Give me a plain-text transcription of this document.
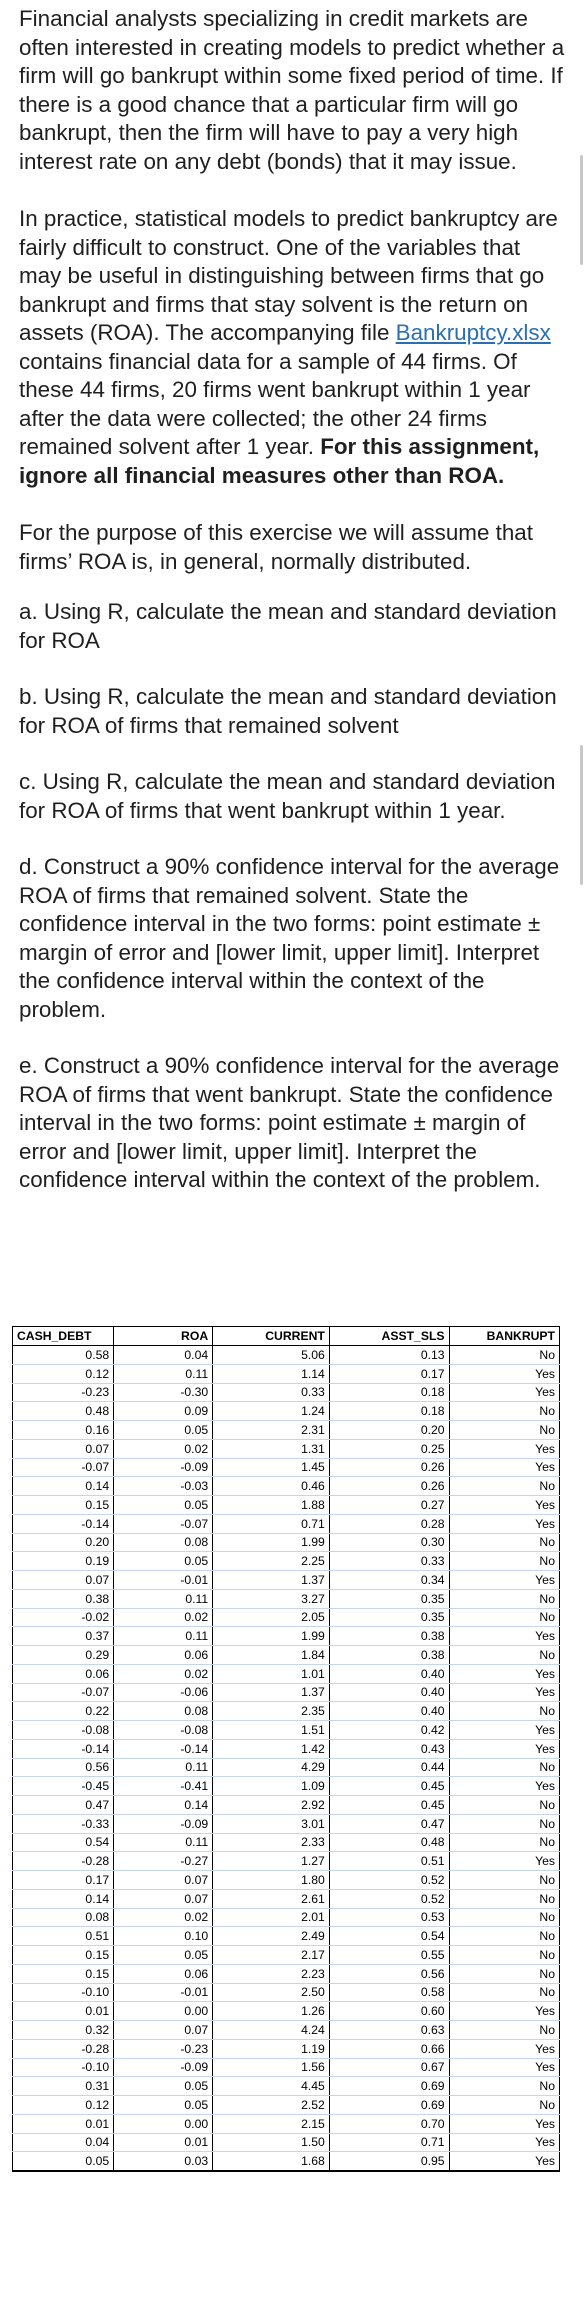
Financial analysts specializing in credit markets are often interested in creating models to predict whether a firm will go bankrupt within some fixed period of time. If there is a good chance that a particular firm will go bankrupt, then the firm will have to pay a very high interest rate on any debt (bonds) that it may issue.

In practice, statistical models to predict bankruptcy are fairly difficult to construct. One of the variables that may be useful in distinguishing between firms that go bankrupt and firms that stay solvent is the return on assets (ROA). The accompanying file Bankruptcy.xlsx contains financial data for a sample of 44 firms. Of these 44 firms, 20 firms went bankrupt within 1 year after the data were collected; the other 24 firms remained solvent after 1 year. For this assignment, ignore all financial measures other than ROA.

For the purpose of this exercise we will assume that firms’ ROA is, in general, normally distributed.

a. Using R, calculate the mean and standard deviation for ROA

b. Using R, calculate the mean and standard deviation for ROA of firms that remained solvent

c. Using R, calculate the mean and standard deviation for ROA of firms that went bankrupt within 1 year.

d. Construct a 90% confidence interval for the average ROA of firms that remained solvent. State the confidence interval in the two forms: point estimate ± margin of error and [lower limit, upper limit]. Interpret the confidence interval within the context of the problem.

e. Construct a 90% confidence interval for the average ROA of firms that went bankrupt. State the confidence interval in the two forms: point estimate ± margin of error and [lower limit, upper limit]. Interpret the confidence interval within the context of the problem.

CASH_DEBT	ROA	CURRENT	ASST_SLS	BANKRUPT
0.58	0.04	5.06	0.13	No
0.12	0.11	1.14	0.17	Yes
-0.23	-0.30	0.33	0.18	Yes
0.48	0.09	1.24	0.18	No
0.16	0.05	2.31	0.20	No
0.07	0.02	1.31	0.25	Yes
-0.07	-0.09	1.45	0.26	Yes
0.14	-0.03	0.46	0.26	No
0.15	0.05	1.88	0.27	Yes
-0.14	-0.07	0.71	0.28	Yes
0.20	0.08	1.99	0.30	No
0.19	0.05	2.25	0.33	No
0.07	-0.01	1.37	0.34	Yes
0.38	0.11	3.27	0.35	No
-0.02	0.02	2.05	0.35	No
0.37	0.11	1.99	0.38	Yes
0.29	0.06	1.84	0.38	No
0.06	0.02	1.01	0.40	Yes
-0.07	-0.06	1.37	0.40	Yes
0.22	0.08	2.35	0.40	No
-0.08	-0.08	1.51	0.42	Yes
-0.14	-0.14	1.42	0.43	Yes
0.56	0.11	4.29	0.44	No
-0.45	-0.41	1.09	0.45	Yes
0.47	0.14	2.92	0.45	No
-0.33	-0.09	3.01	0.47	No
0.54	0.11	2.33	0.48	No
-0.28	-0.27	1.27	0.51	Yes
0.17	0.07	1.80	0.52	No
0.14	0.07	2.61	0.52	No
0.08	0.02	2.01	0.53	No
0.51	0.10	2.49	0.54	No
0.15	0.05	2.17	0.55	No
0.15	0.06	2.23	0.56	No
-0.10	-0.01	2.50	0.58	No
0.01	0.00	1.26	0.60	Yes
0.32	0.07	4.24	0.63	No
-0.28	-0.23	1.19	0.66	Yes
-0.10	-0.09	1.56	0.67	Yes
0.31	0.05	4.45	0.69	No
0.12	0.05	2.52	0.69	No
0.01	0.00	2.15	0.70	Yes
0.04	0.01	1.50	0.71	Yes
0.05	0.03	1.68	0.95	Yes
